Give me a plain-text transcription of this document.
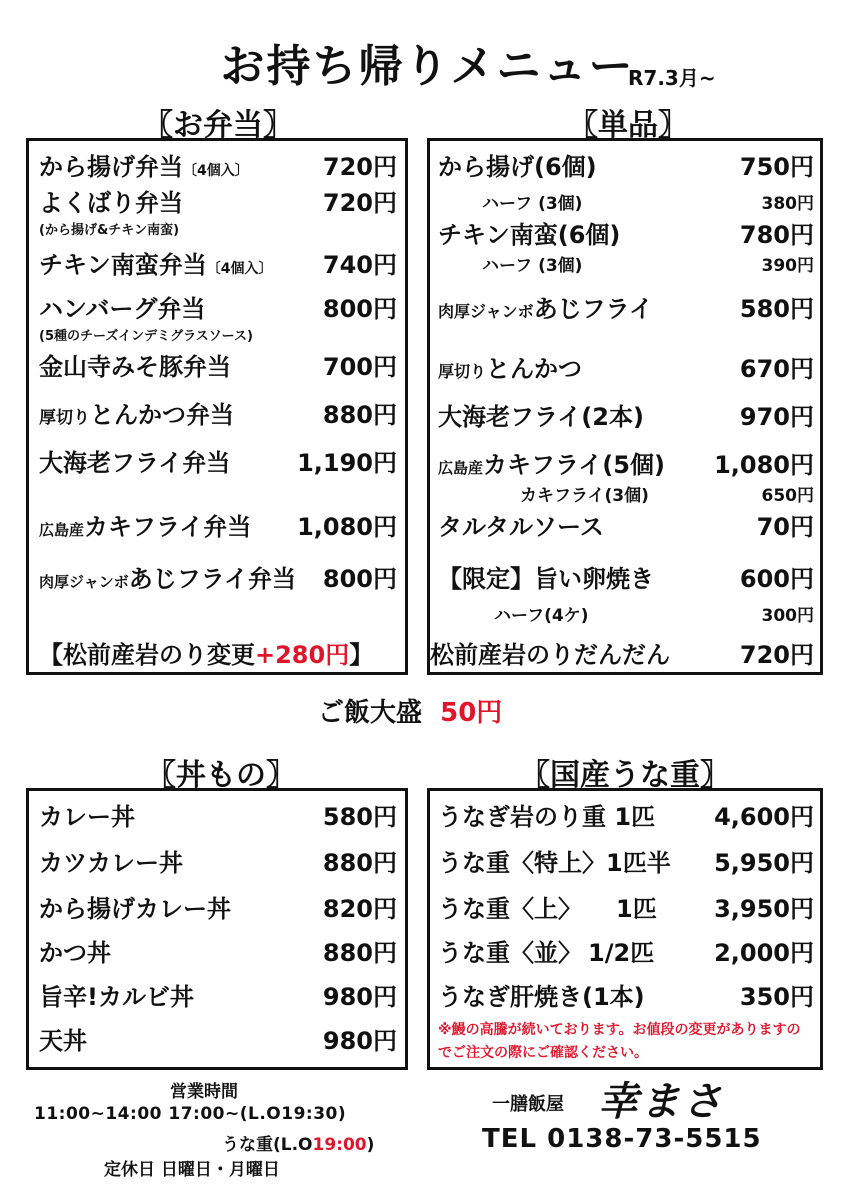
お持ち帰りメニュー
R7.3月~
〖お弁当〗
から揚げ弁当〔4個入〕	720円
よくばり弁当	720円
(から揚げ&チキン南蛮)
チキン南蛮弁当〔4個入〕 740円
ハンバーグ弁当	800円
(5種のチーズインデミグラスソース)
金山寺みそ豚弁当	700円
厚切りとんかつ弁当	880円
大海老フライ弁当	1,190円
広島産カキフライ弁当 1,080円
肉厚ジャンボあじフライ弁当 800円
【松前産岩のり変更+280円】
〖単品〗
から揚げ(6個)	750円
ハーフ (3個)	380円
チキン南蛮(6個)	780円
ハーフ (3個)	390円
肉厚ジャンボあじフライ	580円
厚切りとんかつ	670円
大海老フライ(2本)	970円
広島産カキフライ(5個) 1,080円
カキフライ(3個)	650円
タルタルソース	70円
【限定】旨い卵焼き	600円
ハーフ(4ケ)	300円
松前産岩のりだんだん	720円
ご飯大盛 50円
〖丼もの〗
カレー丼	580円
カツカレー丼	880円
から揚げカレー丼	820円
かつ丼	880円
旨辛!カルビ丼	980円
天丼	980円
〖国産うな重〗
うなぎ岩のり重 1匹 4,600円
うな重〈特上〉1匹半 5,950円
うな重〈上〉 1匹 3,950円
うな重〈並〉 1/2匹 2,000円
うなぎ肝焼き(1本)	350円
※鰻の高騰が続いております。お値段の変更がありますのでご注文の際にご確認ください。
営業時間
11:00~14:00 17:00~(L.O19:30)
うな重(L.O19:00)
定休日 日曜日・月曜日
一膳飯屋 幸まさ
TEL 0138-73-5515
